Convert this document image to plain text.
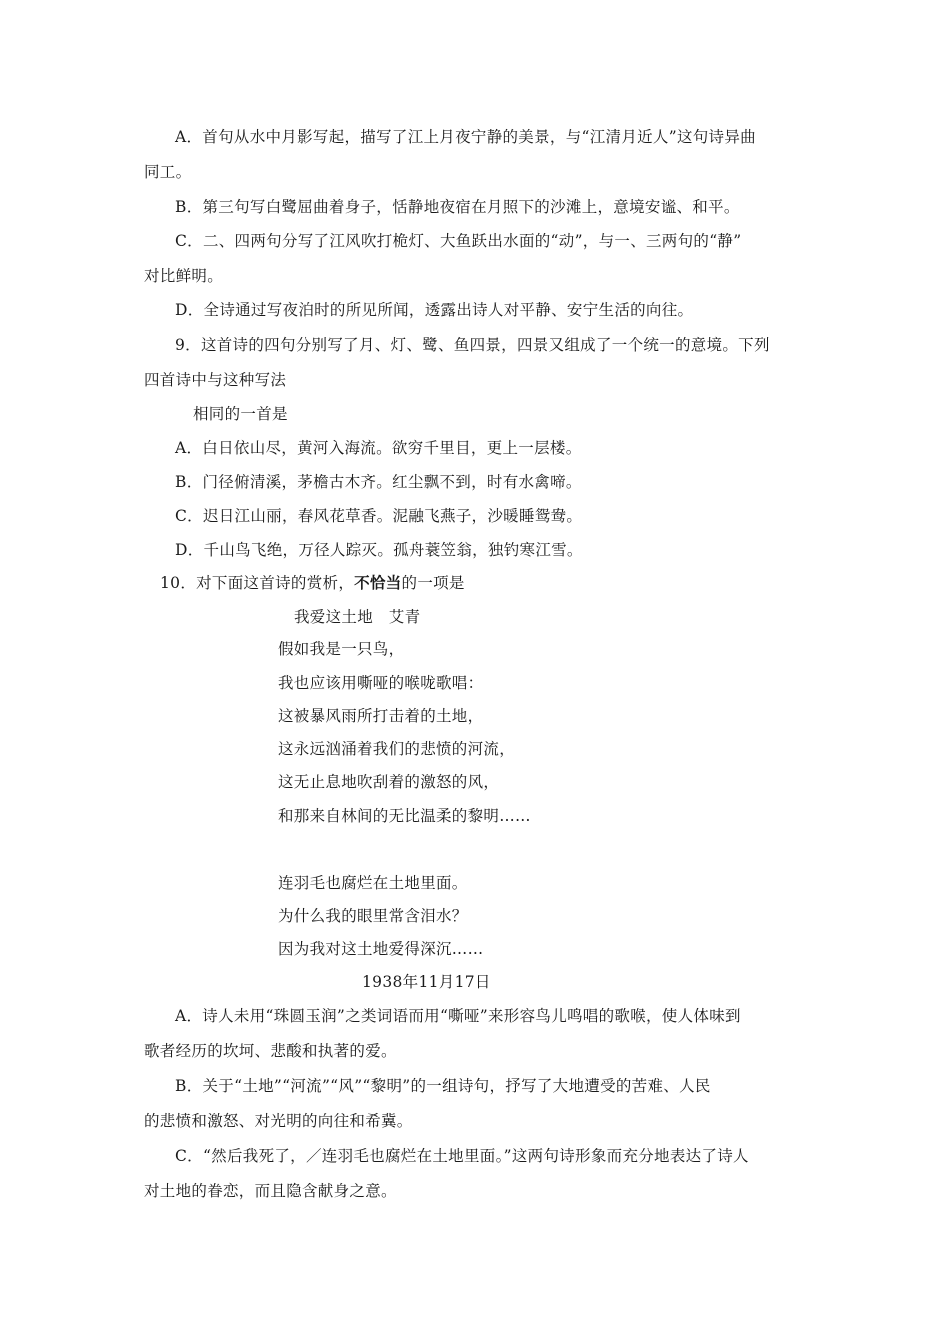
A．首句从水中月影写起，描写了江上月夜宁静的美景，与“江清月近人”这句诗异曲
同工。
B．第三句写白鹭屈曲着身子，恬静地夜宿在月照下的沙滩上，意境安谧、和平。
C．二、四两句分写了江风吹打桅灯、大鱼跃出水面的“动”，与一、三两句的“静”
对比鲜明。
D．全诗通过写夜泊时的所见所闻，透露出诗人对平静、安宁生活的向往。
9．这首诗的四句分别写了月、灯、鹭、鱼四景，四景又组成了一个统一的意境。下列
四首诗中与这种写法
相同的一首是
A．白日依山尽，黄河入海流。欲穷千里目，更上一层楼。
B．门径俯清溪，茅檐古木齐。红尘飘不到，时有水禽啼。
C．迟日江山丽，春风花草香。泥融飞燕子，沙暖睡鸳鸯。
D．千山鸟飞绝，万径人踪灭。孤舟蓑笠翁，独钓寒江雪。
10．对下面这首诗的赏析，不恰当的一项是
我爱这土地　艾青
假如我是一只鸟，
我也应该用嘶哑的喉咙歌唱：
这被暴风雨所打击着的土地，
这永远汹涌着我们的悲愤的河流，
这无止息地吹刮着的激怒的风，
和那来自林间的无比温柔的黎明……
连羽毛也腐烂在土地里面。
为什么我的眼里常含泪水？
因为我对这土地爱得深沉……
1938年11月17日
A．诗人未用“珠圆玉润”之类词语而用“嘶哑”来形容鸟儿鸣唱的歌喉，使人体味到
歌者经历的坎坷、悲酸和执著的爱。
B．关于“土地”“河流”“风”“黎明”的一组诗句，抒写了大地遭受的苦难、人民
的悲愤和激怒、对光明的向往和希冀。
C．“然后我死了，／连羽毛也腐烂在土地里面。”这两句诗形象而充分地表达了诗人
对土地的眷恋，而且隐含献身之意。
